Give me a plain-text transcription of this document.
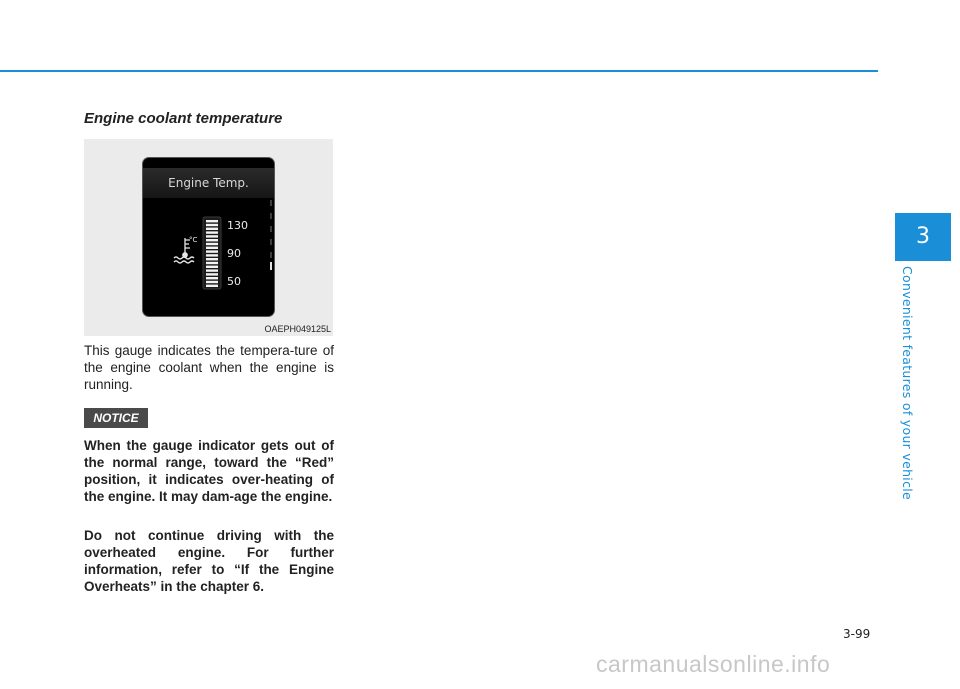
Engine coolant temperature
Engine Temp.
°C
130
90
50
OAEPH049125L

This gauge indicates the tempera-ture of the engine coolant when the engine is running.

NOTICE

When the gauge indicator gets out of the normal range, toward the “Red” position, it indicates over-heating of the engine. It may dam-age the engine.

Do not continue driving with the overheated engine. For further information, refer to “If the Engine Overheats” in the chapter 6.

3
Convenient features of your vehicle
3-99
carmanualsonline.info
